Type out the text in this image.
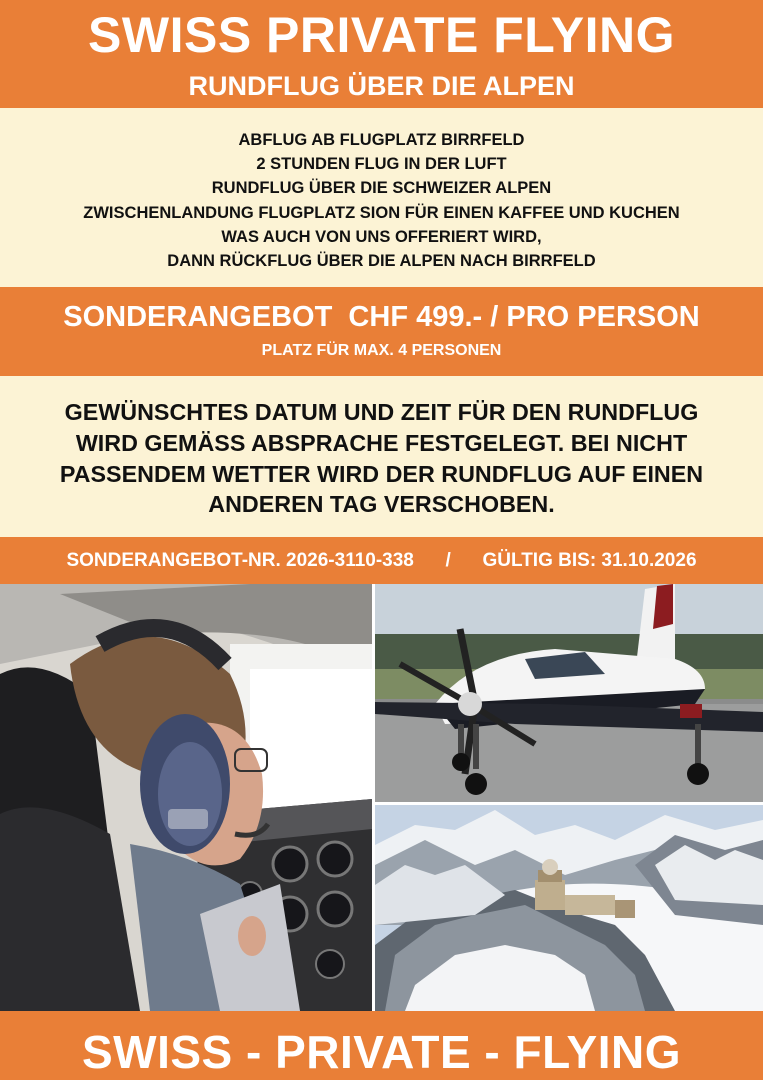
SWISS PRIVATE FLYING
RUNDFLUG ÜBER DIE ALPEN
ABFLUG AB FLUGPLATZ BIRRFELD
2 STUNDEN FLUG IN DER LUFT
RUNDFLUG ÜBER DIE SCHWEIZER ALPEN
ZWISCHENLANDUNG FLUGPLATZ SION FÜR EINEN KAFFEE UND KUCHEN
WAS AUCH VON UNS OFFERIERT WIRD,
DANN RÜCKFLUG ÜBER DIE ALPEN NACH BIRRFELD
SONDERANGEBOT  CHF 499.- / PRO PERSON
PLATZ FÜR MAX. 4 PERSONEN
GEWÜNSCHTES DATUM UND ZEIT FÜR DEN RUNDFLUG
WIRD GEMÄSS ABSPRACHE FESTGELEGT. BEI NICHT
PASSENDEM WETTER WIRD DER RUNDFLUG AUF EINEN
ANDEREN TAG VERSCHOBEN.
SONDERANGEBOT-NR. 2026-3110-338      /      GÜLTIG BIS: 31.10.2026
SWISS - PRIVATE - FLYING
